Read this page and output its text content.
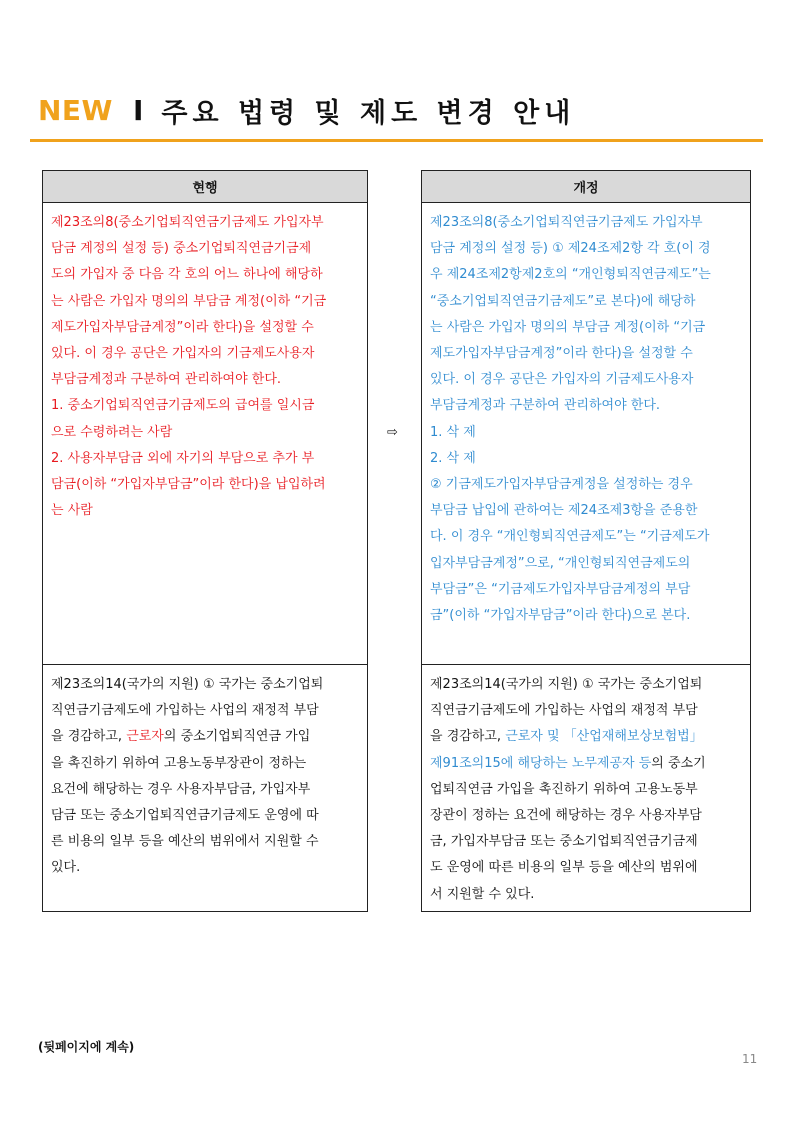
NEW I 주요 법령 및 제도 변경 안내
현행
제23조의8(중소기업퇴직연금기금제도 가입자부
담금 계정의 설정 등) 중소기업퇴직연금기금제
도의 가입자 중 다음 각 호의 어느 하나에 해당하
는 사람은 가입자 명의의 부담금 계정(이하 “기금
제도가입자부담금계정”이라 한다)을 설정할 수
있다. 이 경우 공단은 가입자의 기금제도사용자
부담금계정과 구분하여 관리하여야 한다.
1. 중소기업퇴직연금기금제도의 급여를 일시금
으로 수령하려는 사람
2. 사용자부담금 외에 자기의 부담으로 추가 부
담금(이하 “가입자부담금”이라 한다)을 납입하려
는 사람
제23조의14(국가의 지원) ① 국가는 중소기업퇴
직연금기금제도에 가입하는 사업의 재정적 부담
을 경감하고, 근로자의 중소기업퇴직연금 가입
을 촉진하기 위하여 고용노동부장관이 정하는
요건에 해당하는 경우 사용자부담금, 가입자부
담금 또는 중소기업퇴직연금기금제도 운영에 따
른 비용의 일부 등을 예산의 범위에서 지원할 수
있다.
⇨
개정
제23조의8(중소기업퇴직연금기금제도 가입자부
담금 계정의 설정 등) ① 제24조제2항 각 호(이 경
우 제24조제2항제2호의 “개인형퇴직연금제도”는
“중소기업퇴직연금기금제도”로 본다)에 해당하
는 사람은 가입자 명의의 부담금 계정(이하 “기금
제도가입자부담금계정”이라 한다)을 설정할 수
있다. 이 경우 공단은 가입자의 기금제도사용자
부담금계정과 구분하여 관리하여야 한다.
1. 삭 제
2. 삭 제
② 기금제도가입자부담금계정을 설정하는 경우
부담금 납입에 관하여는 제24조제3항을 준용한
다. 이 경우 “개인형퇴직연금제도”는 “기금제도가
입자부담금계정”으로, “개인형퇴직연금제도의
부담금”은 “기금제도가입자부담금계정의 부담
금”(이하 “가입자부담금”이라 한다)으로 본다.
제23조의14(국가의 지원) ① 국가는 중소기업퇴
직연금기금제도에 가입하는 사업의 재정적 부담
을 경감하고, 근로자 및 「산업재해보상보험법」
제91조의15에 해당하는 노무제공자 등의 중소기
업퇴직연금 가입을 촉진하기 위하여 고용노동부
장관이 정하는 요건에 해당하는 경우 사용자부담
금, 가입자부담금 또는 중소기업퇴직연금기금제
도 운영에 따른 비용의 일부 등을 예산의 범위에
서 지원할 수 있다.
(뒷페이지에 계속)
11
